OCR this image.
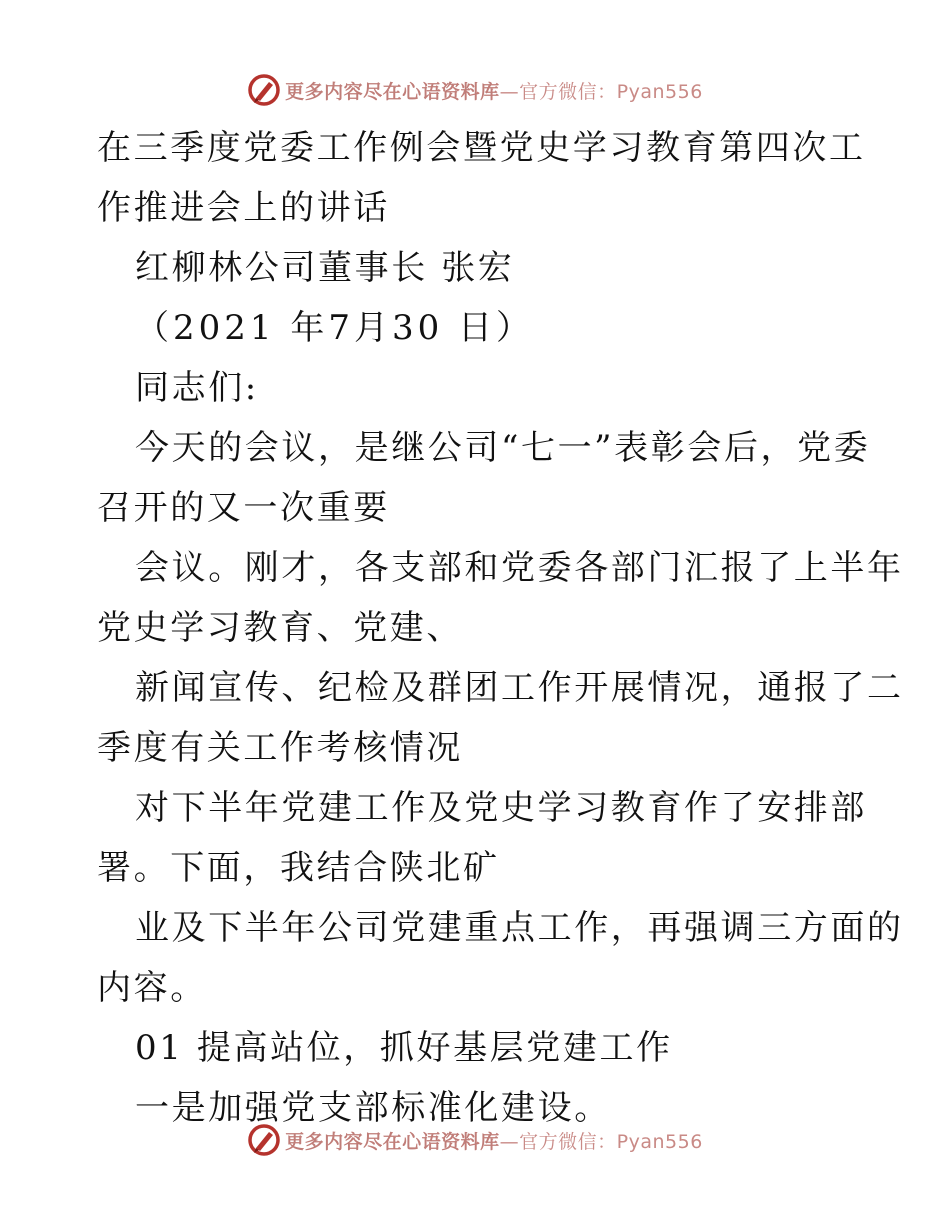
更多内容尽在心语资料库—官方微信：Pyan556
在三季度党委工作例会暨党史学习教育第四次工
作推进会上的讲话
红柳林公司董事长 张宏
（2021 年7月30 日）
同志们:
今天的会议，是继公司“七一”表彰会后，党委
召开的又一次重要
会议。刚才，各支部和党委各部门汇报了上半年
党史学习教育、党建、
新闻宣传、纪检及群团工作开展情况，通报了二
季度有关工作考核情况
对下半年党建工作及党史学习教育作了安排部
署。下面，我结合陕北矿
业及下半年公司党建重点工作，再强调三方面的
内容。
01 提高站位，抓好基层党建工作
一是加强党支部标准化建设。
更多内容尽在心语资料库—官方微信：Pyan556
